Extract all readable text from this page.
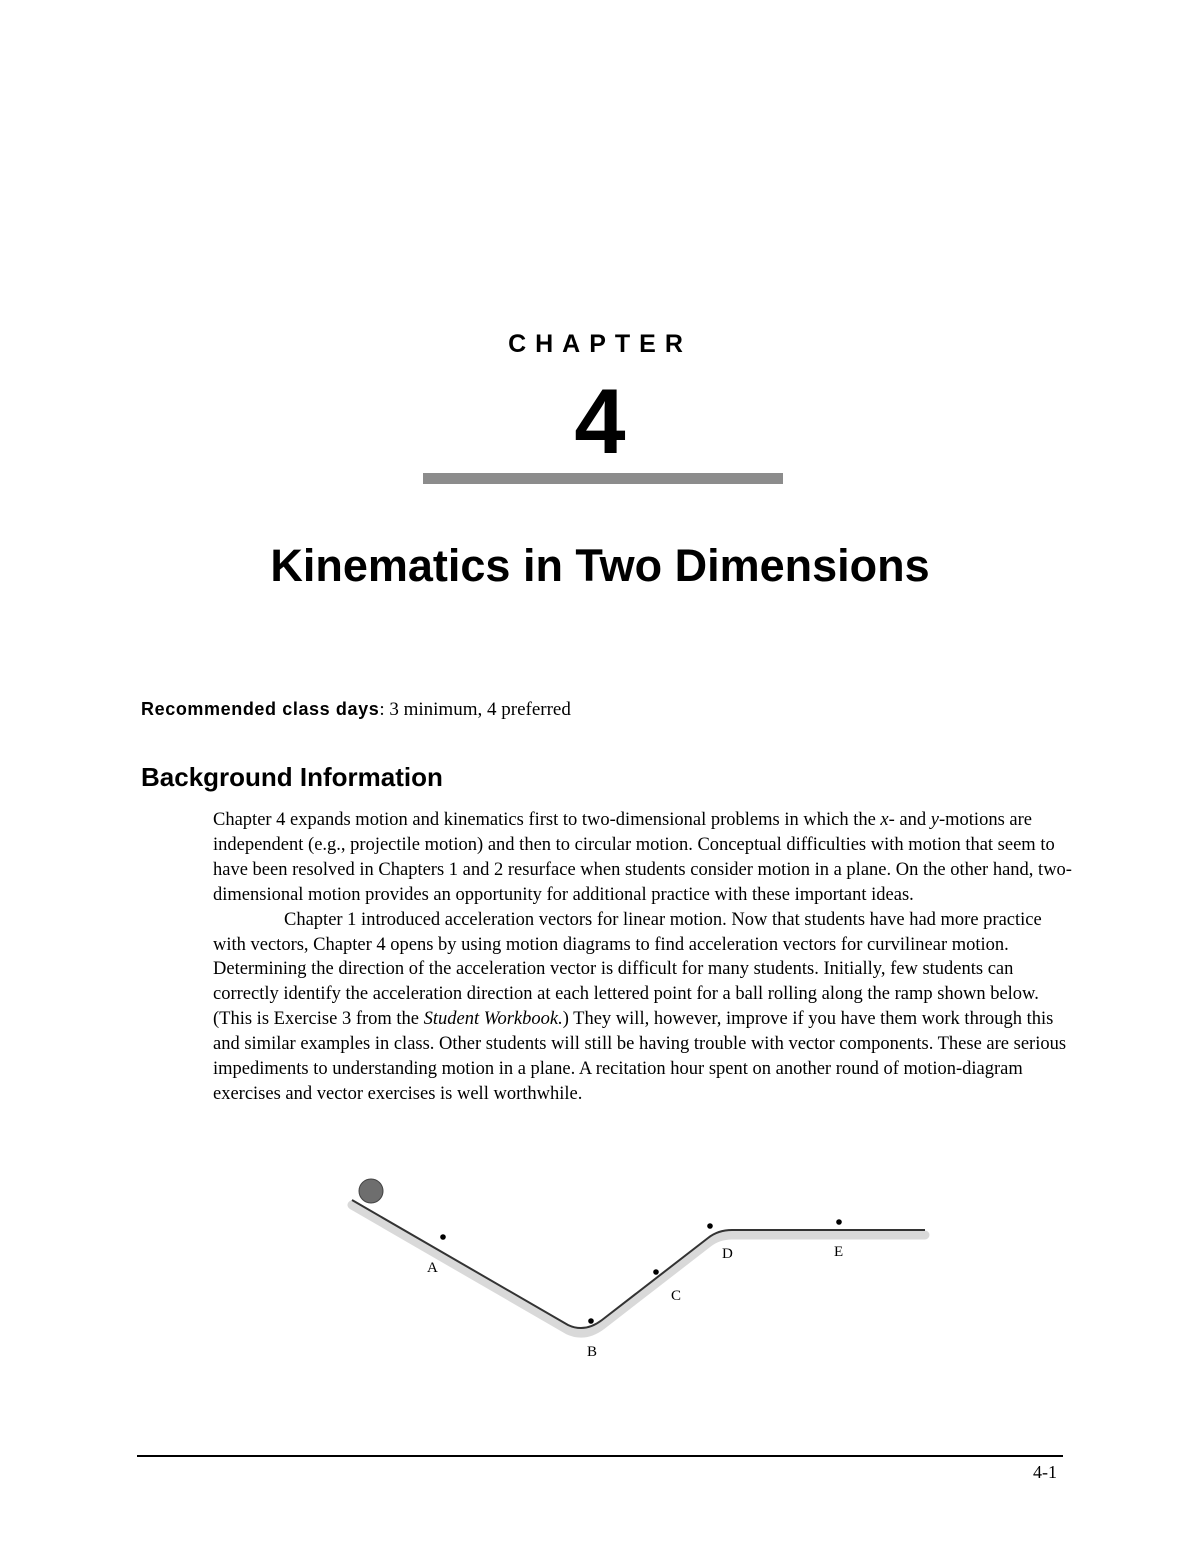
CHAPTER
4
Kinematics in Two Dimensions
Recommended class days: 3 minimum, 4 preferred
Background Information

Chapter 4 expands motion and kinematics first to two-dimensional problems in which the x- and y-motions are independent (e.g., projectile motion) and then to circular motion. Conceptual difficulties with motion that seem to have been resolved in Chapters 1 and 2 resurface when students consider motion in a plane. On the other hand, two-dimensional motion provides an opportunity for additional practice with these important ideas.

Chapter 1 introduced acceleration vectors for linear motion. Now that students have had more practice with vectors, Chapter 4 opens by using motion diagrams to find acceleration vectors for curvilinear motion. Determining the direction of the acceleration vector is difficult for many students. Initially, few students can correctly identify the acceleration direction at each lettered point for a ball rolling along the ramp shown below. (This is Exercise 3 from the Student Workbook.) They will, however, improve if you have them work through this and similar examples in class. Other students will still be having trouble with vector components. These are serious impediments to understanding motion in a plane. A recitation hour spent on another round of motion-diagram exercises and vector exercises is well worthwhile.

A
B
C
D	E
4-1
